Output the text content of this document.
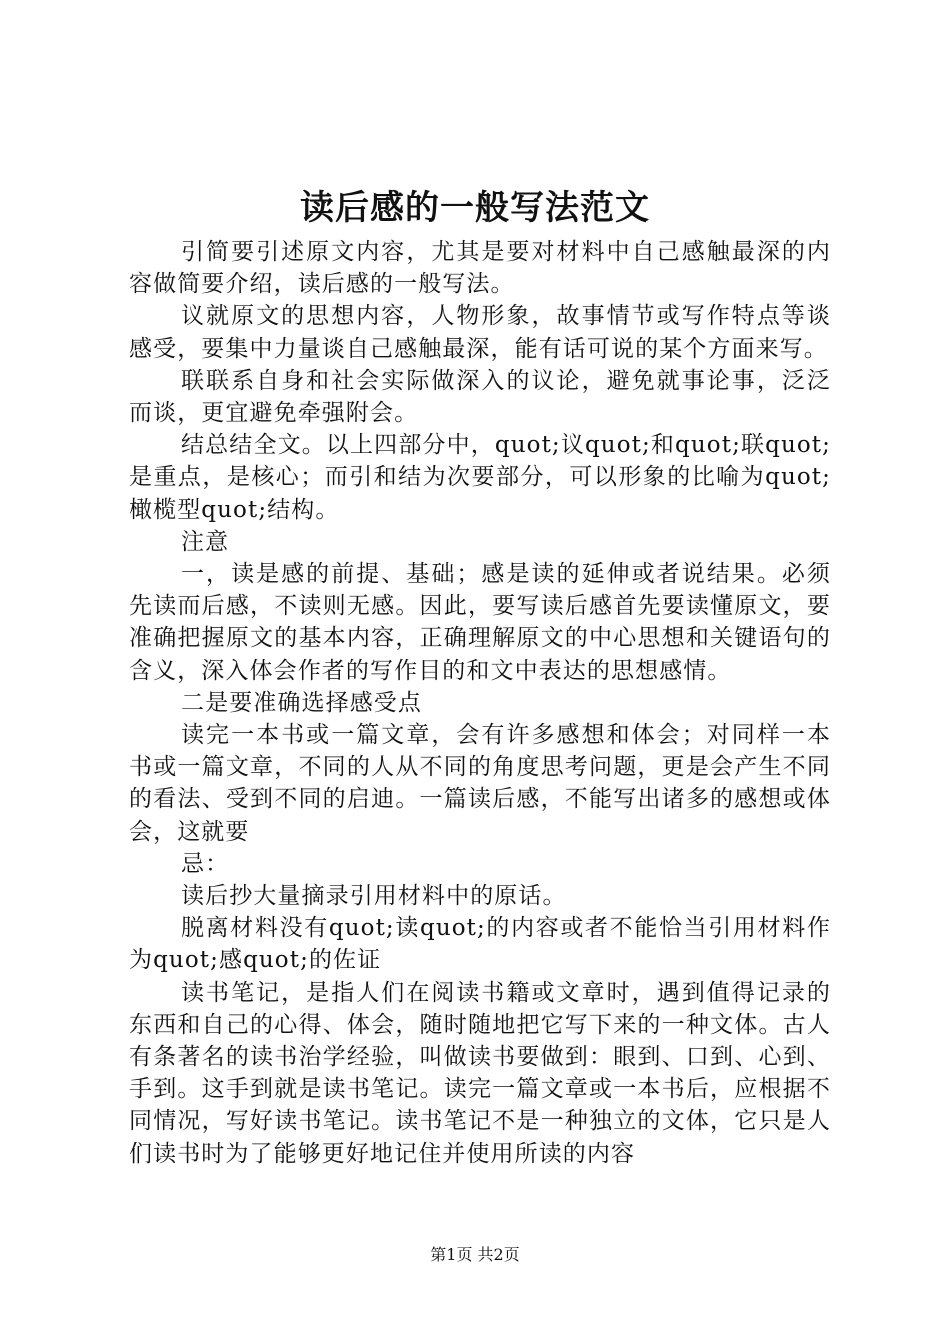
读后感的一般写法范文

引简要引述原文内容，尤其是要对材料中自己感触最深的内容做简要介绍，读后感的一般写法。

议就原文的思想内容，人物形象，故事情节或写作特点等谈感受，要集中力量谈自己感触最深，能有话可说的某个方面来写。

联联系自身和社会实际做深入的议论，避免就事论事，泛泛而谈，更宜避免牵强附会。

结总结全文。以上四部分中，quot;议quot;和quot;联quot;是重点，是核心；而引和结为次要部分，可以形象的比喻为quot;橄榄型quot;结构。

注意

一，读是感的前提、基础；感是读的延伸或者说结果。必须先读而后感，不读则无感。因此，要写读后感首先要读懂原文，要准确把握原文的基本内容，正确理解原文的中心思想和关键语句的含义，深入体会作者的写作目的和文中表达的思想感情。

二是要准确选择感受点

读完一本书或一篇文章，会有许多感想和体会；对同样一本书或一篇文章，不同的人从不同的角度思考问题，更是会产生不同的看法、受到不同的启迪。一篇读后感，不能写出诸多的感想或体会，这就要

忌：

读后抄大量摘录引用材料中的原话。

脱离材料没有quot;读quot;的内容或者不能恰当引用材料作为quot;感quot;的佐证

读书笔记，是指人们在阅读书籍或文章时，遇到值得记录的东西和自己的心得、体会，随时随地把它写下来的一种文体。古人有条著名的读书治学经验，叫做读书要做到：眼到、口到、心到、手到。这手到就是读书笔记。读完一篇文章或一本书后，应根据不同情况，写好读书笔记。读书笔记不是一种独立的文体，它只是人们读书时为了能够更好地记住并使用所读的内容

第1页 共2页
